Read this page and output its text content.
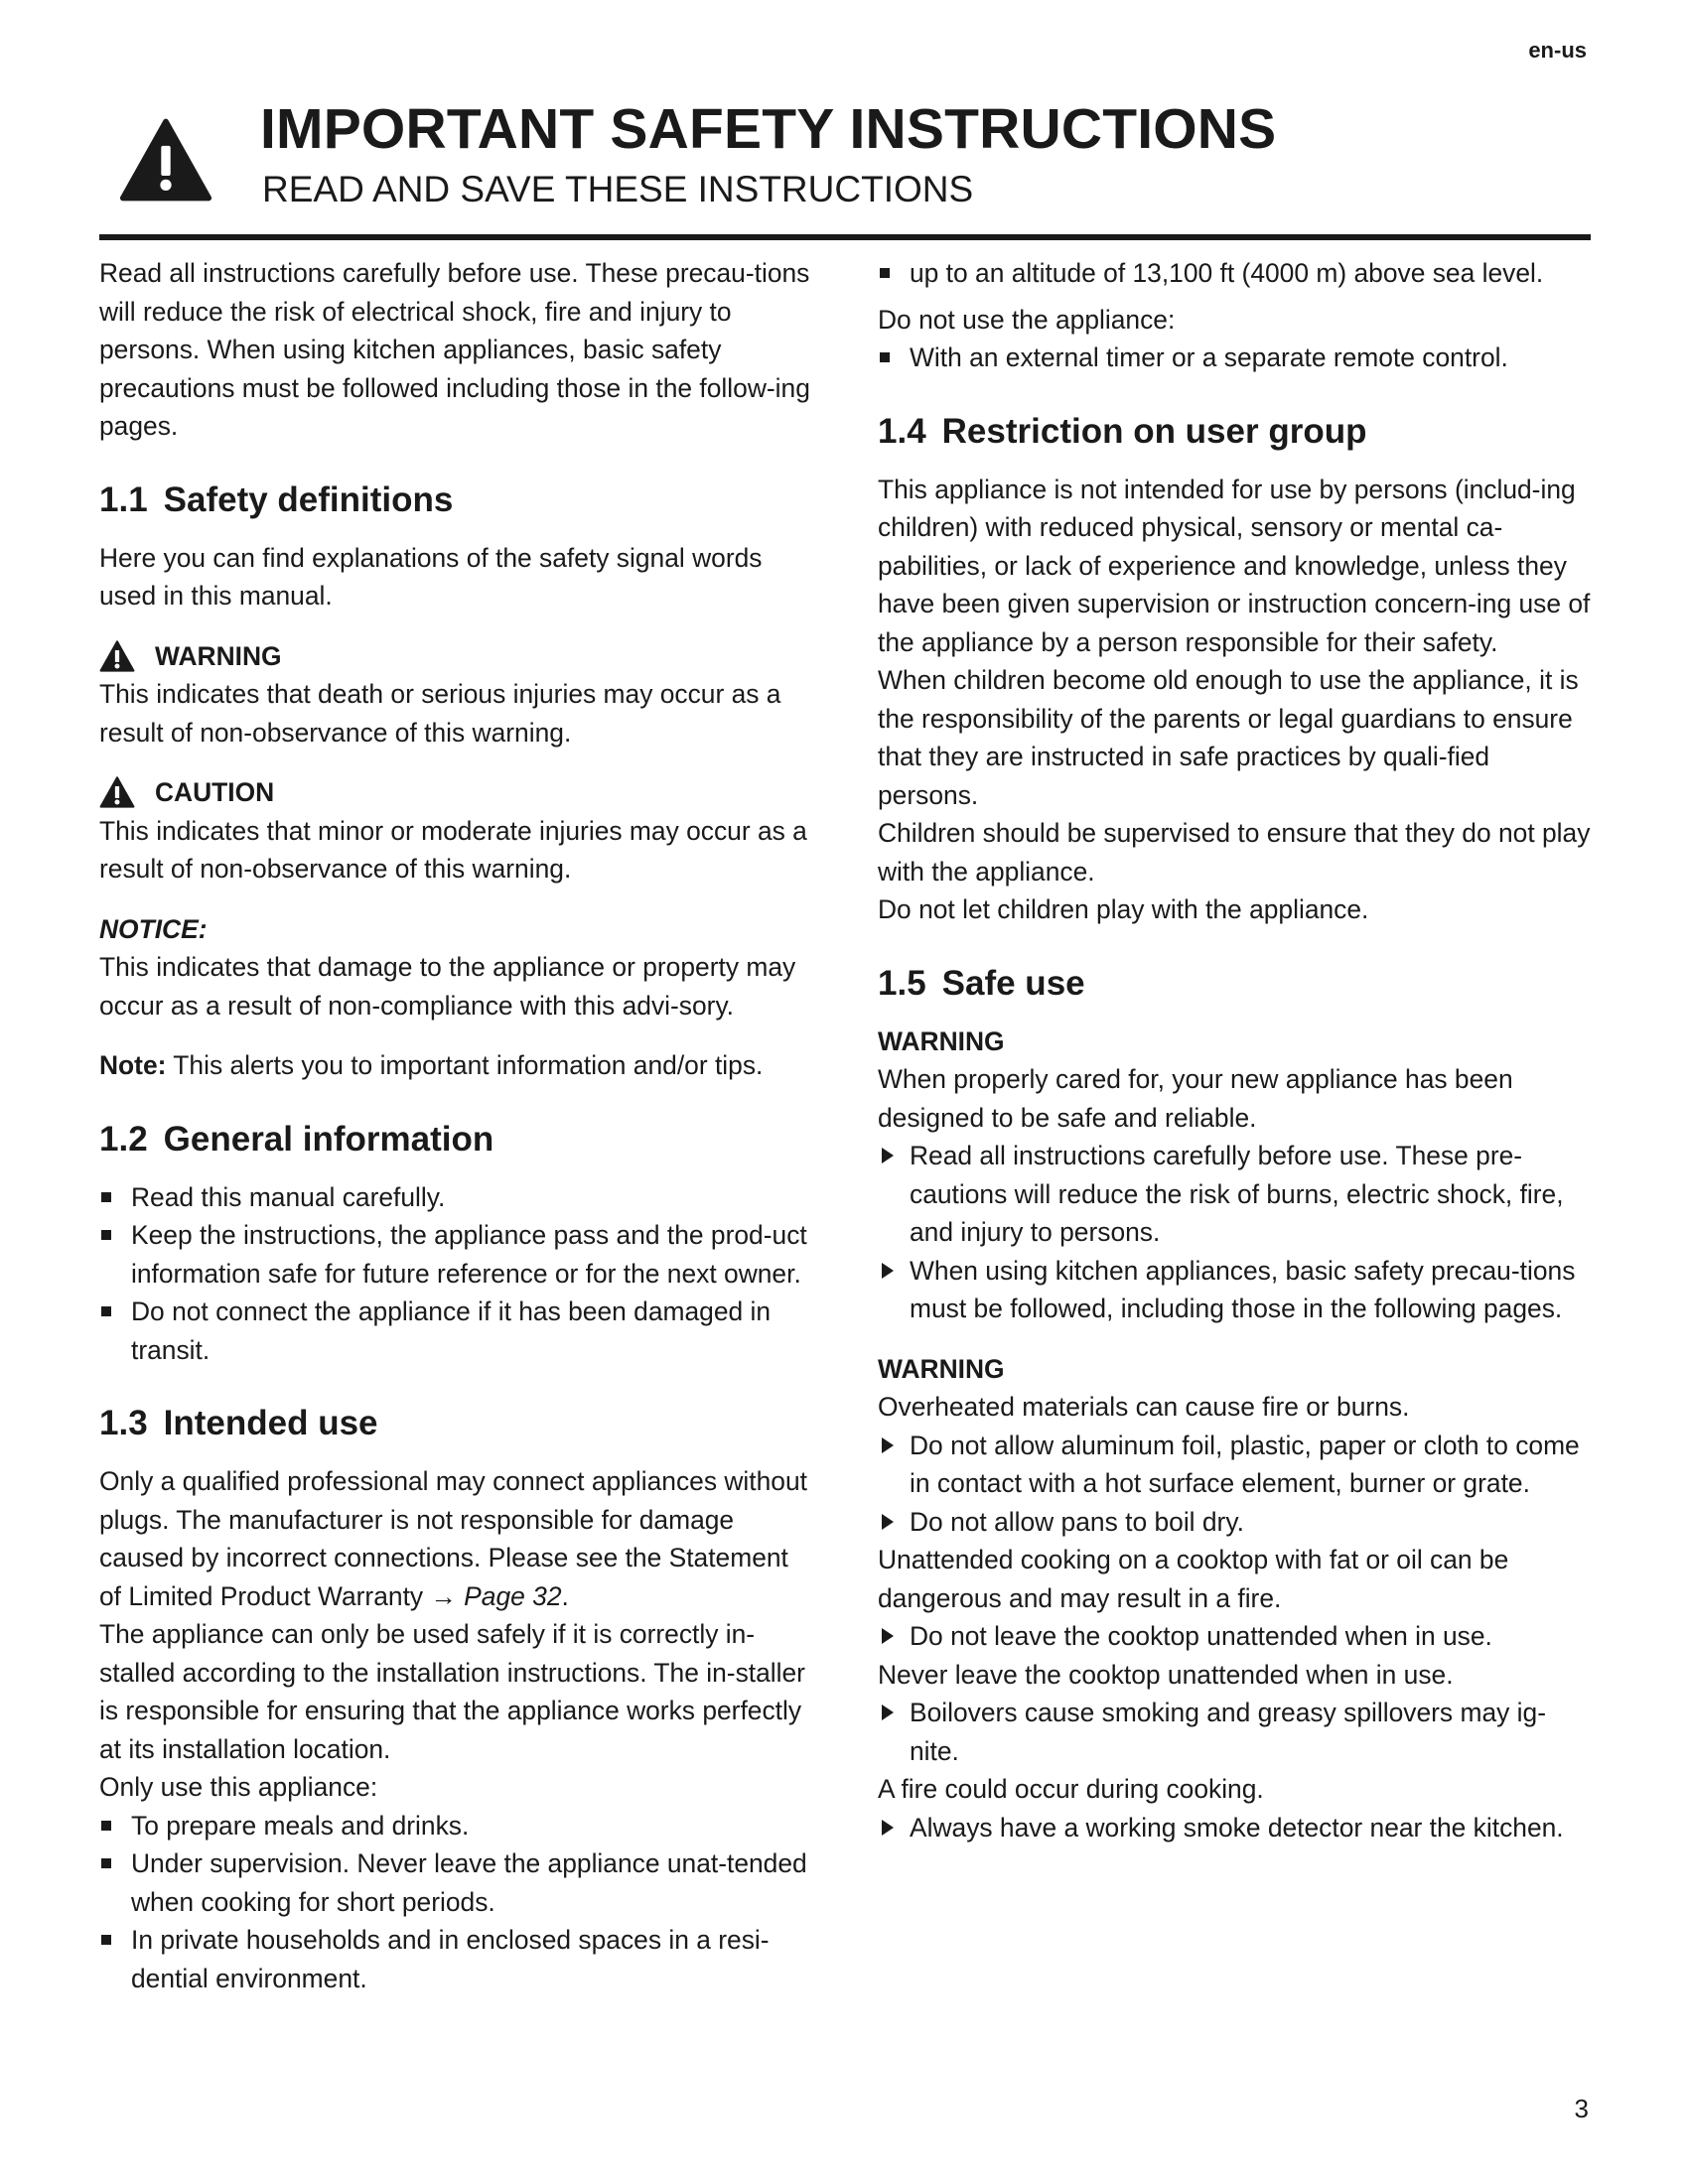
en-us
IMPORTANT SAFETY INSTRUCTIONS
READ AND SAVE THESE INSTRUCTIONS

Read all instructions carefully before use. These precau-tions will reduce the risk of electrical shock, fire and injury to persons. When using kitchen appliances, basic safety precautions must be followed including those in the follow-ing pages.

1.1 Safety definitions

Here you can find explanations of the safety signal words used in this manual.

WARNING

This indicates that death or serious injuries may occur as a result of non-observance of this warning.

CAUTION

This indicates that minor or moderate injuries may occur as a result of non-observance of this warning.

NOTICE:

This indicates that damage to the appliance or property may occur as a result of non-compliance with this advi-sory.

Note: This alerts you to important information and/or tips.

1.2 General information
Read this manual carefully.
Keep the instructions, the appliance pass and the prod-uct information safe for future reference or for the next owner.
Do not connect the appliance if it has been damaged in transit.
1.3 Intended use

Only a qualified professional may connect appliances without plugs. The manufacturer is not responsible for damage caused by incorrect connections. Please see the Statement of Limited Product Warranty → Page 32.

The appliance can only be used safely if it is correctly in-stalled according to the installation instructions. The in-staller is responsible for ensuring that the appliance works perfectly at its installation location.

Only use this appliance:

To prepare meals and drinks.
Under supervision. Never leave the appliance unat-tended when cooking for short periods.
In private households and in enclosed spaces in a resi-dential environment.
up to an altitude of 13,100 ft (4000 m) above sea level.

Do not use the appliance:

With an external timer or a separate remote control.
1.4 Restriction on user group

This appliance is not intended for use by persons (includ-ing children) with reduced physical, sensory or mental ca-pabilities, or lack of experience and knowledge, unless they have been given supervision or instruction concern-ing use of the appliance by a person responsible for their safety.

When children become old enough to use the appliance, it is the responsibility of the parents or legal guardians to ensure that they are instructed in safe practices by quali-fied persons.

Children should be supervised to ensure that they do not play with the appliance.

Do not let children play with the appliance.

1.5 Safe use
WARNING

When properly cared for, your new appliance has been designed to be safe and reliable.

Read all instructions carefully before use. These pre-cautions will reduce the risk of burns, electric shock, fire, and injury to persons.
When using kitchen appliances, basic safety precau-tions must be followed, including those in the following pages.
WARNING

Overheated materials can cause fire or burns.

Do not allow aluminum foil, plastic, paper or cloth to come in contact with a hot surface element, burner or grate.
Do not allow pans to boil dry.

Unattended cooking on a cooktop with fat or oil can be dangerous and may result in a fire.

Do not leave the cooktop unattended when in use.

Never leave the cooktop unattended when in use.

Boilovers cause smoking and greasy spillovers may ig-nite.

A fire could occur during cooking.

Always have a working smoke detector near the kitchen.
3
